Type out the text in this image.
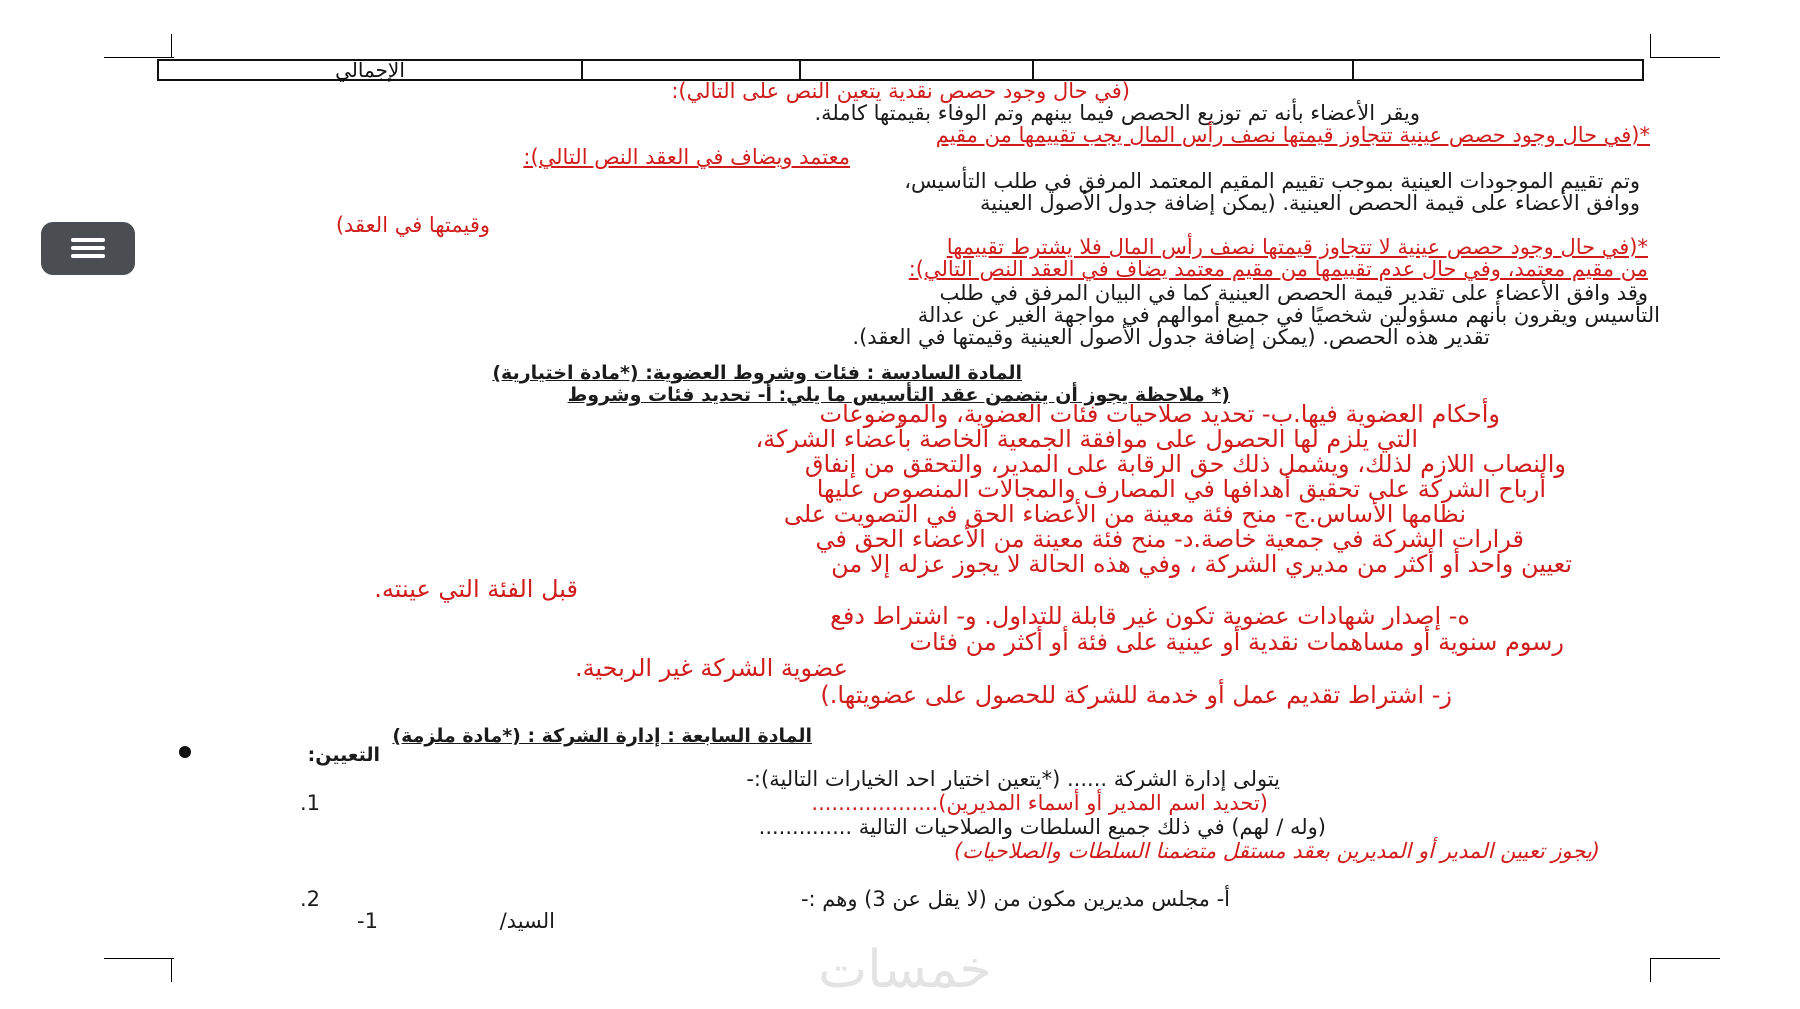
الإجمالي
(في حال وجود حصص نقدية يتعين النص على التالي):
ويقر الأعضاء بأنه تم توزيع الحصص فيما بينهم وتم الوفاء بقيمتها كاملة.
*(في حال وجود حصص عينية تتجاوز قيمتها نصف رأس المال يجب تقييمها من مقيم
معتمد ويضاف في العقد النص التالي):
وتم تقييم الموجودات العينية بموجب تقييم المقيم المعتمد المرفق في طلب التأسيس،
ووافق الأعضاء على قيمة الحصص العينية. (يمكن إضافة جدول الأصول العينية
وقيمتها في العقد)
*(في حال وجود حصص عينية لا تتجاوز قيمتها نصف رأس المال فلا يشترط تقييمها
من مقيم معتمد، وفي حال عدم تقييمها من مقيم معتمد يضاف في العقد النص التالي):
وقد وافق الأعضاء على تقدير قيمة الحصص العينية كما في البيان المرفق في طلب
التأسيس ويقرون بأنهم مسؤولين شخصيًا في جميع أموالهم في مواجهة الغير عن عدالة
تقدير هذه الحصص. (يمكن إضافة جدول الأصول العينية وقيمتها في العقد).
المادة السادسة : فئات وشروط العضوية: (*مادة اختيارية)
(* ملاحظة يجوز أن يتضمن عقد التأسيس ما يلي: أ- تحديد فئات وشروط
وأحكام العضوية فيها.ب- تحديد صلاحيات فئات العضوية، والموضوعات
التي يلزم لها الحصول على موافقة الجمعية الخاصة بأعضاء الشركة،
والنصاب اللازم لذلك، ويشمل ذلك حق الرقابة على المدير، والتحقق من إنفاق
أرباح الشركة على تحقيق أهدافها في المصارف والمجالات المنصوص عليها
نظامها الأساس.ج- منح فئة معينة من الأعضاء الحق في التصويت على
قرارات الشركة في جمعية خاصة.د- منح فئة معينة من الأعضاء الحق في
تعيين واحد أو أكثر من مديري الشركة ، وفي هذه الحالة لا يجوز عزله إلا من
قبل الفئة التي عينته.
ه- إصدار شهادات عضوية تكون غير قابلة للتداول. و- اشتراط دفع
رسوم سنوية أو مساهمات نقدية أو عينية على فئة أو أكثر من فئات
عضوية الشركة غير الربحية.
ز- اشتراط تقديم عمل أو خدمة للشركة للحصول على عضويتها.)
المادة السابعة : إدارة الشركة : (*مادة ملزمة)
التعيين:
يتولى إدارة الشركة ...... (*يتعين اختيار احد الخيارات التالية):-
(تحديد اسم المدير أو أسماء المديرين)...................
1.
(وله / لهم) في ذلك جميع السلطات والصلاحيات التالية ..............
(يجوز تعيين المدير أو المديرين بعقد مستقل متضمنا السلطات والصلاحيات)
أ- مجلس مديرين مكون من (لا يقل عن 3) وهم :-
2.
السيد/
1-
خمسات
